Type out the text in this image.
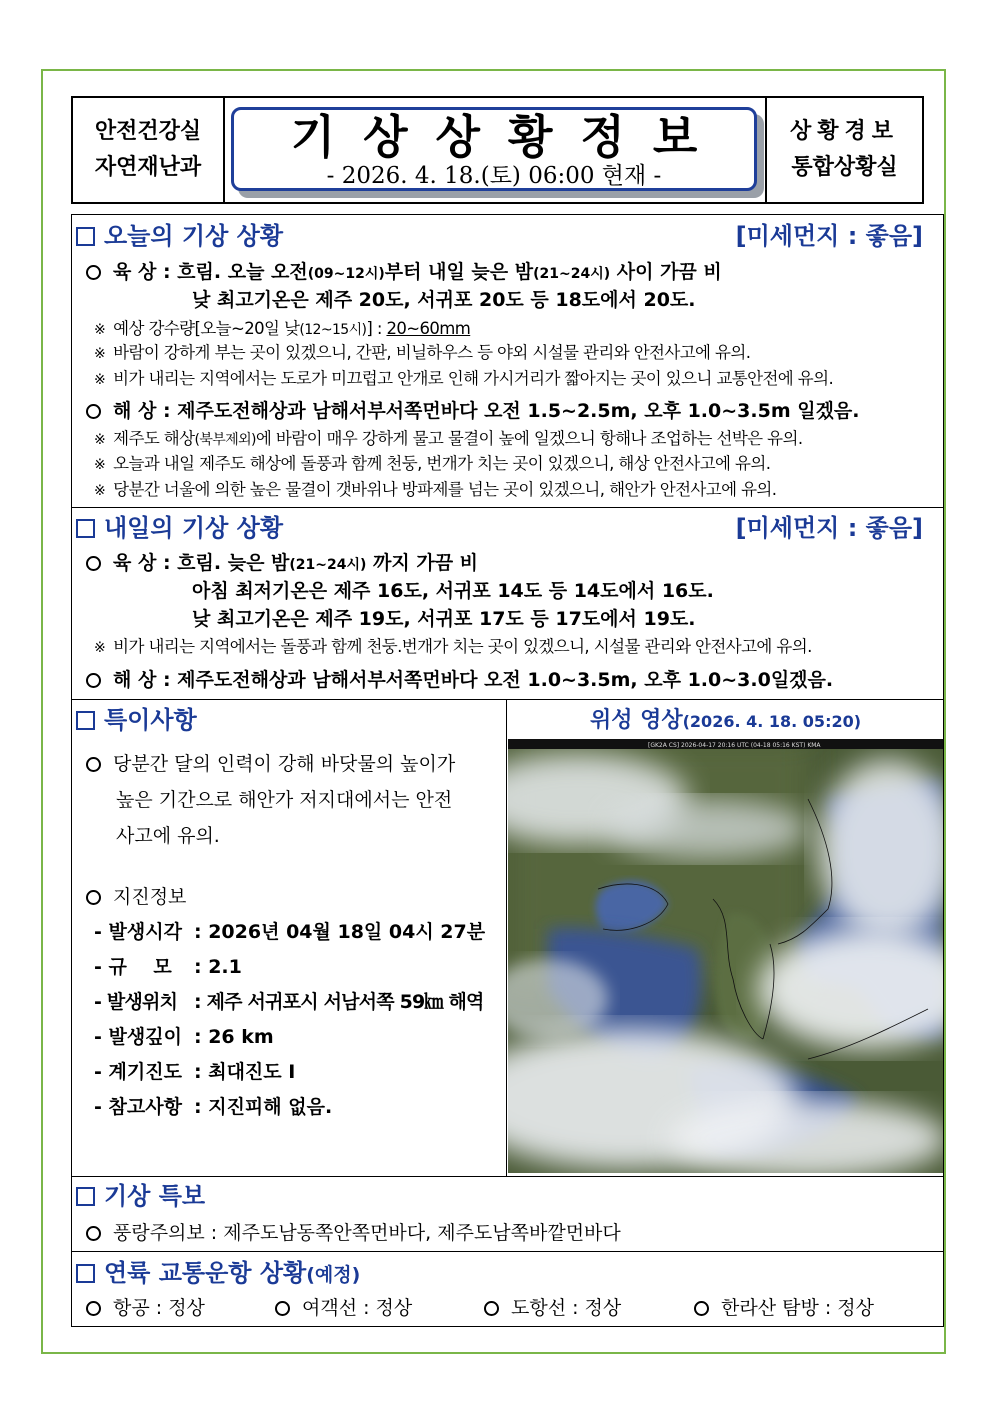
안전건강실
자연재난과
기상상황정보
- 2026. 4. 18.(토) 06:00 현재 -
상황경보
통합상황실
오늘의 기상 상황	[미세먼지 : 좋음]
육 상 : 흐림. 오늘 오전(09~12시)부터 내일 늦은 밤(21~24시) 사이 가끔 비
낮 최고기온은 제주 20도, 서귀포 20도 등 18도에서 20도.
※ 예상 강수량[오늘~20일 낮(12~15시)] : 20~60mm
※ 바람이 강하게 부는 곳이 있겠으니, 간판, 비닐하우스 등 야외 시설물 관리와 안전사고에 유의.
※ 비가 내리는 지역에서는 도로가 미끄럽고 안개로 인해 가시거리가 짧아지는 곳이 있으니 교통안전에 유의.
해 상 : 제주도전해상과 남해서부서쪽먼바다 오전 1.5~2.5m, 오후 1.0~3.5m 일겠음.
※ 제주도 해상(북부제외)에 바람이 매우 강하게 물고 물결이 높에 일겠으니 항해나 조업하는 선박은 유의.
※ 오늘과 내일 제주도 해상에 돌풍과 함께 천둥, 번개가 치는 곳이 있겠으니, 해상 안전사고에 유의.
※ 당분간 너울에 의한 높은 물결이 갯바위나 방파제를 넘는 곳이 있겠으니, 해안가 안전사고에 유의.
내일의 기상 상황	[미세먼지 : 좋음]
육 상 : 흐림. 늦은 밤(21~24시) 까지 가끔 비
아침 최저기온은 제주 16도, 서귀포 14도 등 14도에서 16도.
낮 최고기온은 제주 19도, 서귀포 17도 등 17도에서 19도.
※ 비가 내리는 지역에서는 돌풍과 함께 천둥.번개가 치는 곳이 있겠으니, 시설물 관리와 안전사고에 유의.
해 상 : 제주도전해상과 남해서부서쪽먼바다 오전 1.0~3.5m, 오후 1.0~3.0일겠음.
특이사항
당분간 달의 인력이 강해 바닷물의 높이가
높은 기간으로 해안가 저지대에서는 안전
사고에 유의.
지진정보
- 발생시각 : 2026년 04월 18일 04시 27분
- 규    모 : 2.1
- 발생위치 : 제주 서귀포시 서남서쪽 59㎞ 해역
- 발생깊이 : 26 km
- 계기진도 : 최대진도 Ⅰ
- 참고사항 : 지진피해 없음.
위성 영상(2026. 4. 18. 05:20)
[GK2A CS] 2026-04-17 20:16 UTC (04-18 05:16 KST) KMA
기상 특보
풍랑주의보 : 제주도남동쪽안쪽먼바다, 제주도남쪽바깥먼바다
연륙 교통운항 상황(예정)
항공 : 정상	여객선 : 정상	도항선 : 정상	한라산 탐방 : 정상
